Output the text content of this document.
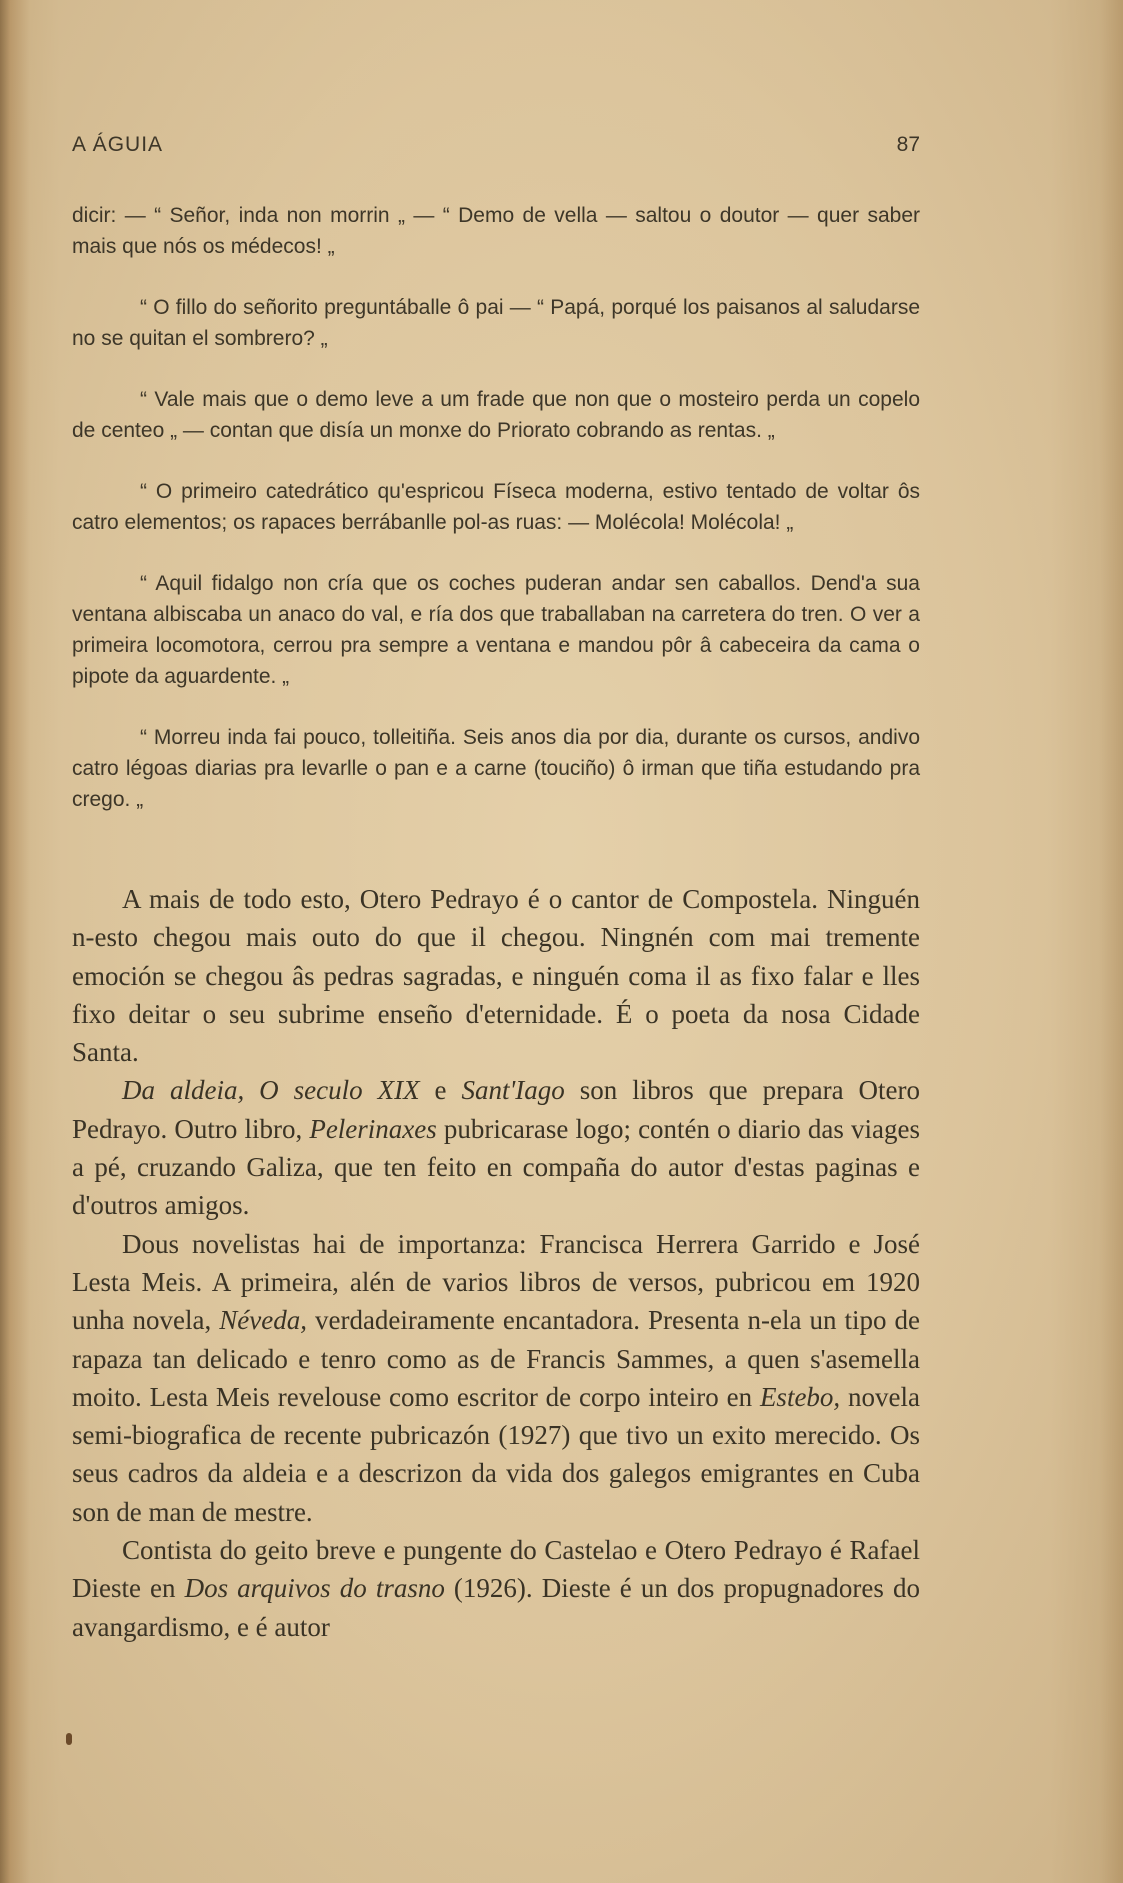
A ÁGUIA	87

dicir: — “ Señor, inda non morrin „ — “ Demo de vella — saltou o doutor — quer saber mais que nós os médecos! „

“ O fillo do señorito preguntáballe ô pai — “ Papá, porqué los paisanos al saludarse no se quitan el sombrero? „

“ Vale mais que o demo leve a um frade que non que o mosteiro perda un copelo de centeo „ — contan que disía un monxe do Priorato cobrando as rentas. „

“ O primeiro catedrático qu'espricou Físeca moderna, estivo tentado de voltar ôs catro elementos; os rapaces berrábanlle pol-as ruas: — Molécola! Molécola! „

“ Aquil fidalgo non cría que os coches puderan andar sen caballos. Dend'a sua ventana albiscaba un anaco do val, e ría dos que traballaban na carretera do tren. O ver a primeira locomotora, cerrou pra sempre a ventana e mandou pôr â cabeceira da cama o pipote da aguardente. „

“ Morreu inda fai pouco, tolleitiña. Seis anos dia por dia, durante os cursos, andivo catro légoas diarias pra levarlle o pan e a carne (touciño) ô irman que tiña estudando pra crego. „

A mais de todo esto, Otero Pedrayo é o cantor de Compostela. Ninguén n-esto chegou mais outo do que il chegou. Ningnén com mai tremente emoción se chegou âs pedras sagradas, e ninguén coma il as fixo falar e lles fixo deitar o seu subrime enseño d'eternidade. É o poeta da nosa Cidade Santa.

Da aldeia, O seculo XIX e Sant'Iago son libros que prepara Otero Pedrayo. Outro libro, Pelerinaxes pubricarase logo; contén o diario das viages a pé, cruzando Galiza, que ten feito en compaña do autor d'estas paginas e d'outros amigos.

Dous novelistas hai de importanza: Francisca Herrera Garrido e José Lesta Meis. A primeira, alén de varios libros de versos, pubricou em 1920 unha novela, Néveda, verdadeiramente encantadora. Presenta n-ela un tipo de rapaza tan delicado e tenro como as de Francis Sammes, a quen s'asemella moito. Lesta Meis revelouse como escritor de corpo inteiro en Estebo, novela semi-biografica de recente pubricazón (1927) que tivo un exito merecido. Os seus cadros da aldeia e a descrizon da vida dos galegos emigrantes en Cuba son de man de mestre.

Contista do geito breve e pungente do Castelao e Otero Pedrayo é Rafael Dieste en Dos arquivos do trasno (1926). Dieste é un dos propugnadores do avangardismo, e é autor
